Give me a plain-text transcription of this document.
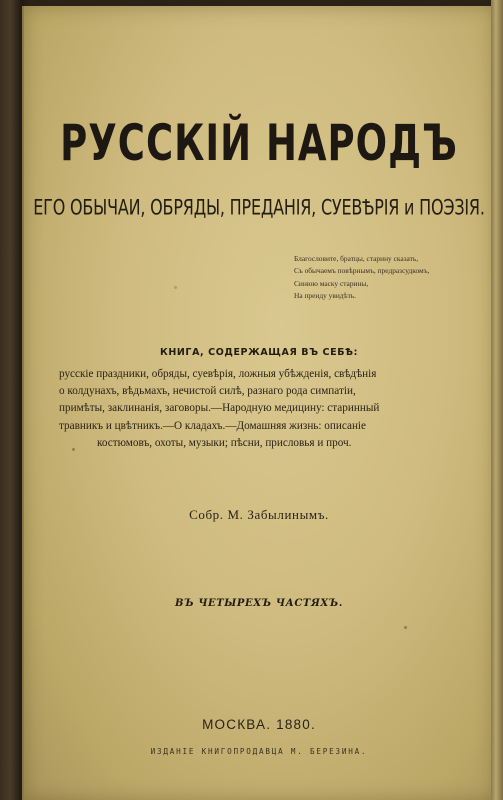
РУССКІЙ НАРОДЪ
ЕГО ОБЫЧАИ, ОБРЯДЫ, ПРЕДАНІЯ, СУЕВѢРІЯ и ПОЭЗІЯ.
Благословите, братцы, старину сказать,
Съ обычаемъ повѣрнымъ, предразсудкомъ,
Синюю маску старины,
На преиду увидѣть.
КНИГА, СОДЕРЖАЩАЯ ВЪ СЕБѢ:
русскіе праздники, обряды, суевѣрія, ложныя убѣжденія, свѣдѣнія
о колдунахъ, вѣдьмахъ, нечистой силѣ, разнаго рода симпатіи,
примѣты, заклинанія, заговоры.—Народную медицину: старинный
травникъ и цвѣтникъ.—О кладахъ.—Домашняя жизнь: описаніе
костюмовъ, охоты, музыки; пѣсни, присловья и проч.
Собр. М. Забылинымъ.
ВЪ ЧЕТЫРЕХЪ ЧАСТЯХЪ.
МОСКВА. 1880.
ИЗДАНІЕ КНИГОПРОДАВЦА М. БЕРЕЗИНА.
